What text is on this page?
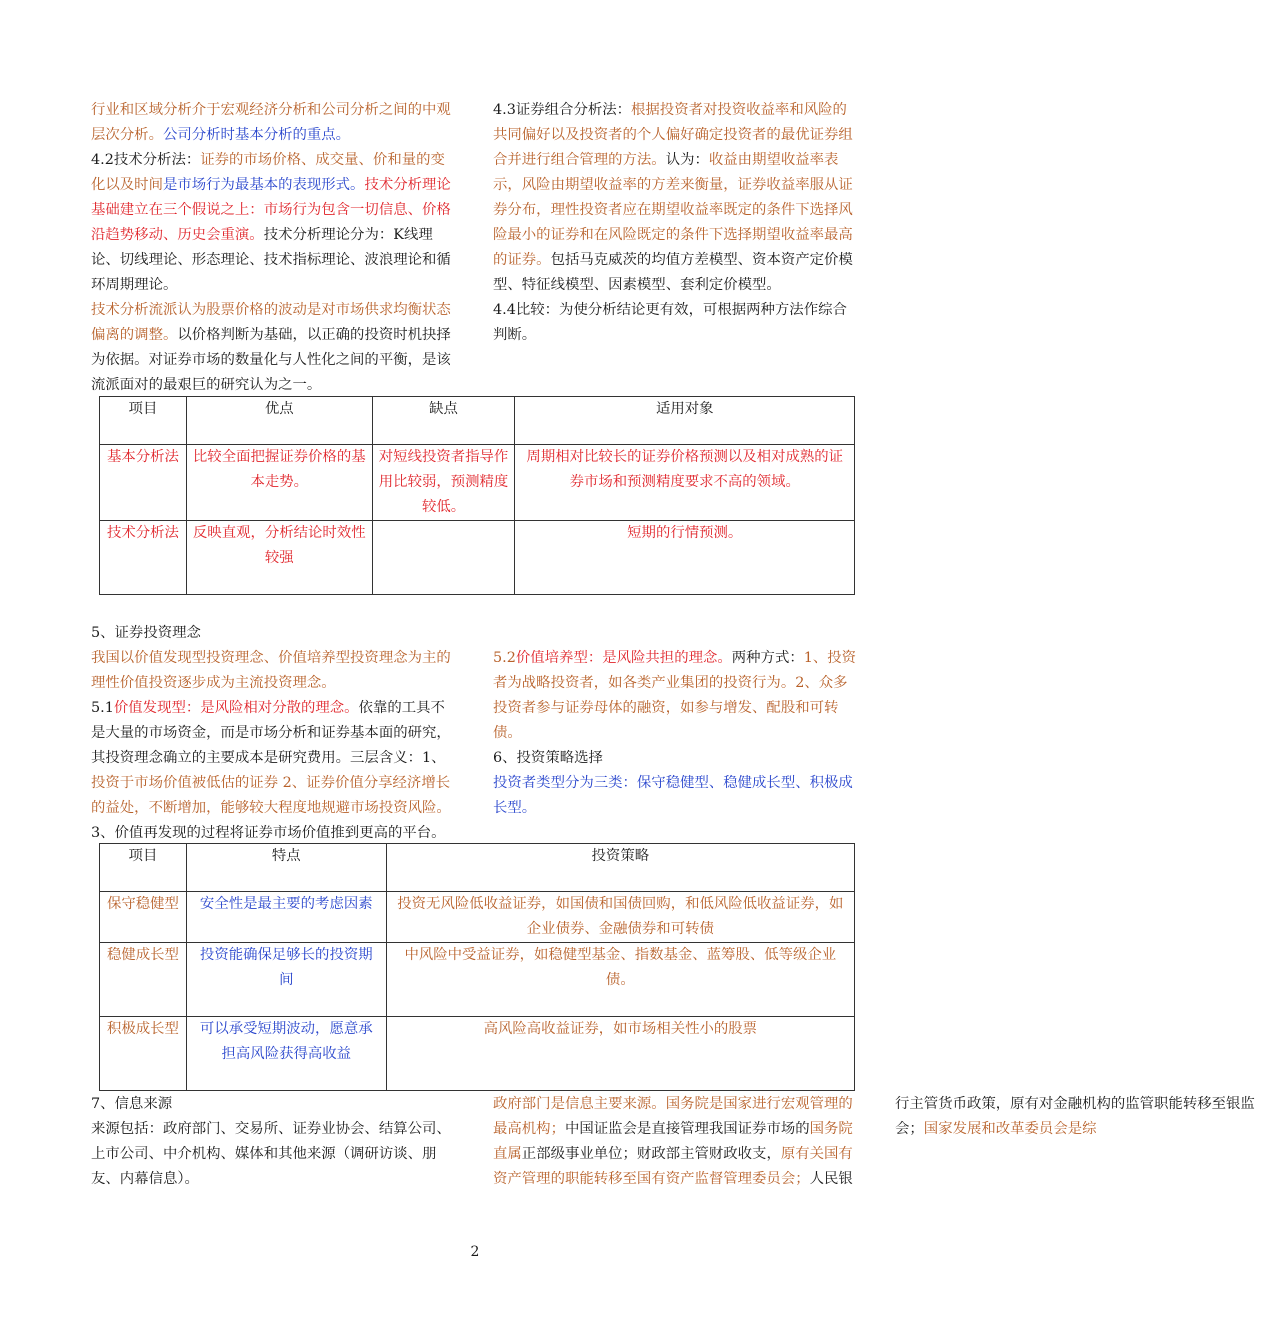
行业和区域分析介于宏观经济分析和公司分析之间的中观层次分析。公司分析时基本分析的重点。

4.2技术分析法：证券的市场价格、成交量、价和量的变化以及时间是市场行为最基本的表现形式。技术分析理论基础建立在三个假说之上：市场行为包含一切信息、价格沿趋势移动、历史会重演。技术分析理论分为：K线理论、切线理论、形态理论、技术指标理论、波浪理论和循环周期理论。

技术分析流派认为股票价格的波动是对市场供求均衡状态偏离的调整。以价格判断为基础，以正确的投资时机抉择为依据。对证券市场的数量化与人性化之间的平衡，是该流派面对的最艰巨的研究认为之一。

4.3证券组合分析法：根据投资者对投资收益率和风险的共同偏好以及投资者的个人偏好确定投资者的最优证券组合并进行组合管理的方法。认为：收益由期望收益率表示，风险由期望收益率的方差来衡量，证券收益率服从证券分布，理性投资者应在期望收益率既定的条件下选择风险最小的证券和在风险既定的条件下选择期望收益率最高的证券。包括马克威茨的均值方差模型、资本资产定价模型、特征线模型、因素模型、套利定价模型。

4.4比较：为使分析结论更有效，可根据两种方法作综合判断。

项目	优点	缺点	适用对象
基本分析法	比较全面把握证券价格的基本走势。	对短线投资者指导作用比较弱，预测精度较低。	周期相对比较长的证券价格预测以及相对成熟的证券市场和预测精度要求不高的领域。
技术分析法	反映直观，分析结论时效性较强		短期的行情预测。

5、证券投资理念

我国以价值发现型投资理念、价值培养型投资理念为主的理性价值投资逐步成为主流投资理念。

5.1价值发现型：是风险相对分散的理念。依靠的工具不是大量的市场资金，而是市场分析和证券基本面的研究，其投资理念确立的主要成本是研究费用。三层含义：1、投资于市场价值被低估的证券 2、证券价值分享经济增长的益处，不断增加，能够较大程度地规避市场投资风险。3、价值再发现的过程将证券市场价值推到更高的平台。

5.2价值培养型：是风险共担的理念。两种方式：1、投资者为战略投资者，如各类产业集团的投资行为。2、众多投资者参与证券母体的融资，如参与增发、配股和可转债。

6、投资策略选择

投资者类型分为三类：保守稳健型、稳健成长型、积极成长型。

项目	特点	投资策略
保守稳健型	安全性是最主要的考虑因素	投资无风险低收益证券，如国债和国债回购，和低风险低收益证券，如企业债券、金融债券和可转债
稳健成长型	投资能确保足够长的投资期间	中风险中受益证券，如稳健型基金、指数基金、蓝筹股、低等级企业债。
积极成长型	可以承受短期波动，愿意承担高风险获得高收益	高风险高收益证券，如市场相关性小的股票

7、信息来源

来源包括：政府部门、交易所、证券业协会、结算公司、上市公司、中介机构、媒体和其他来源（调研访谈、朋友、内幕信息）。

政府部门是信息主要来源。国务院是国家进行宏观管理的最高机构；中国证监会是直接管理我国证券市场的国务院直属正部级事业单位；财政部主管财政收支，原有关国有资产管理的职能转移至国有资产监督管理委员会；人民银行主管货币政策，原有对金融机构的监管职能转移至银监会；国家发展和改革委员会是综

2
